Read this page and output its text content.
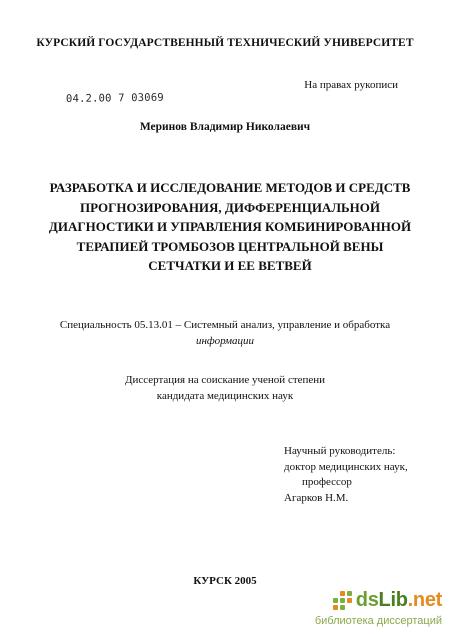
КУРСКИЙ ГОСУДАРСТВЕННЫЙ ТЕХНИЧЕСКИЙ УНИВЕРСИТЕТ
На правах рукописи
04.2.00 7 03069
Меринов Владимир Николаевич
РАЗРАБОТКА И ИССЛЕДОВАНИЕ МЕТОДОВ И СРЕДСТВ
ПРОГНОЗИРОВАНИЯ, ДИФФЕРЕНЦИАЛЬНОЙ
ДИАГНОСТИКИ И УПРАВЛЕНИЯ КОМБИНИРОВАННОЙ
ТЕРАПИЕЙ ТРОМБОЗОВ ЦЕНТРАЛЬНОЙ ВЕНЫ
СЕТЧАТКИ И ЕЕ ВЕТВЕЙ
Специальность 05.13.01 – Системный анализ, управление и обработка
информации
Диссертация на соискание ученой степени
кандидата медицинских наук
Научный руководитель:
доктор медицинских наук,
профессор
Агарков Н.М.
КУРСК 2005
dsLib.net
библиотека диссертаций
